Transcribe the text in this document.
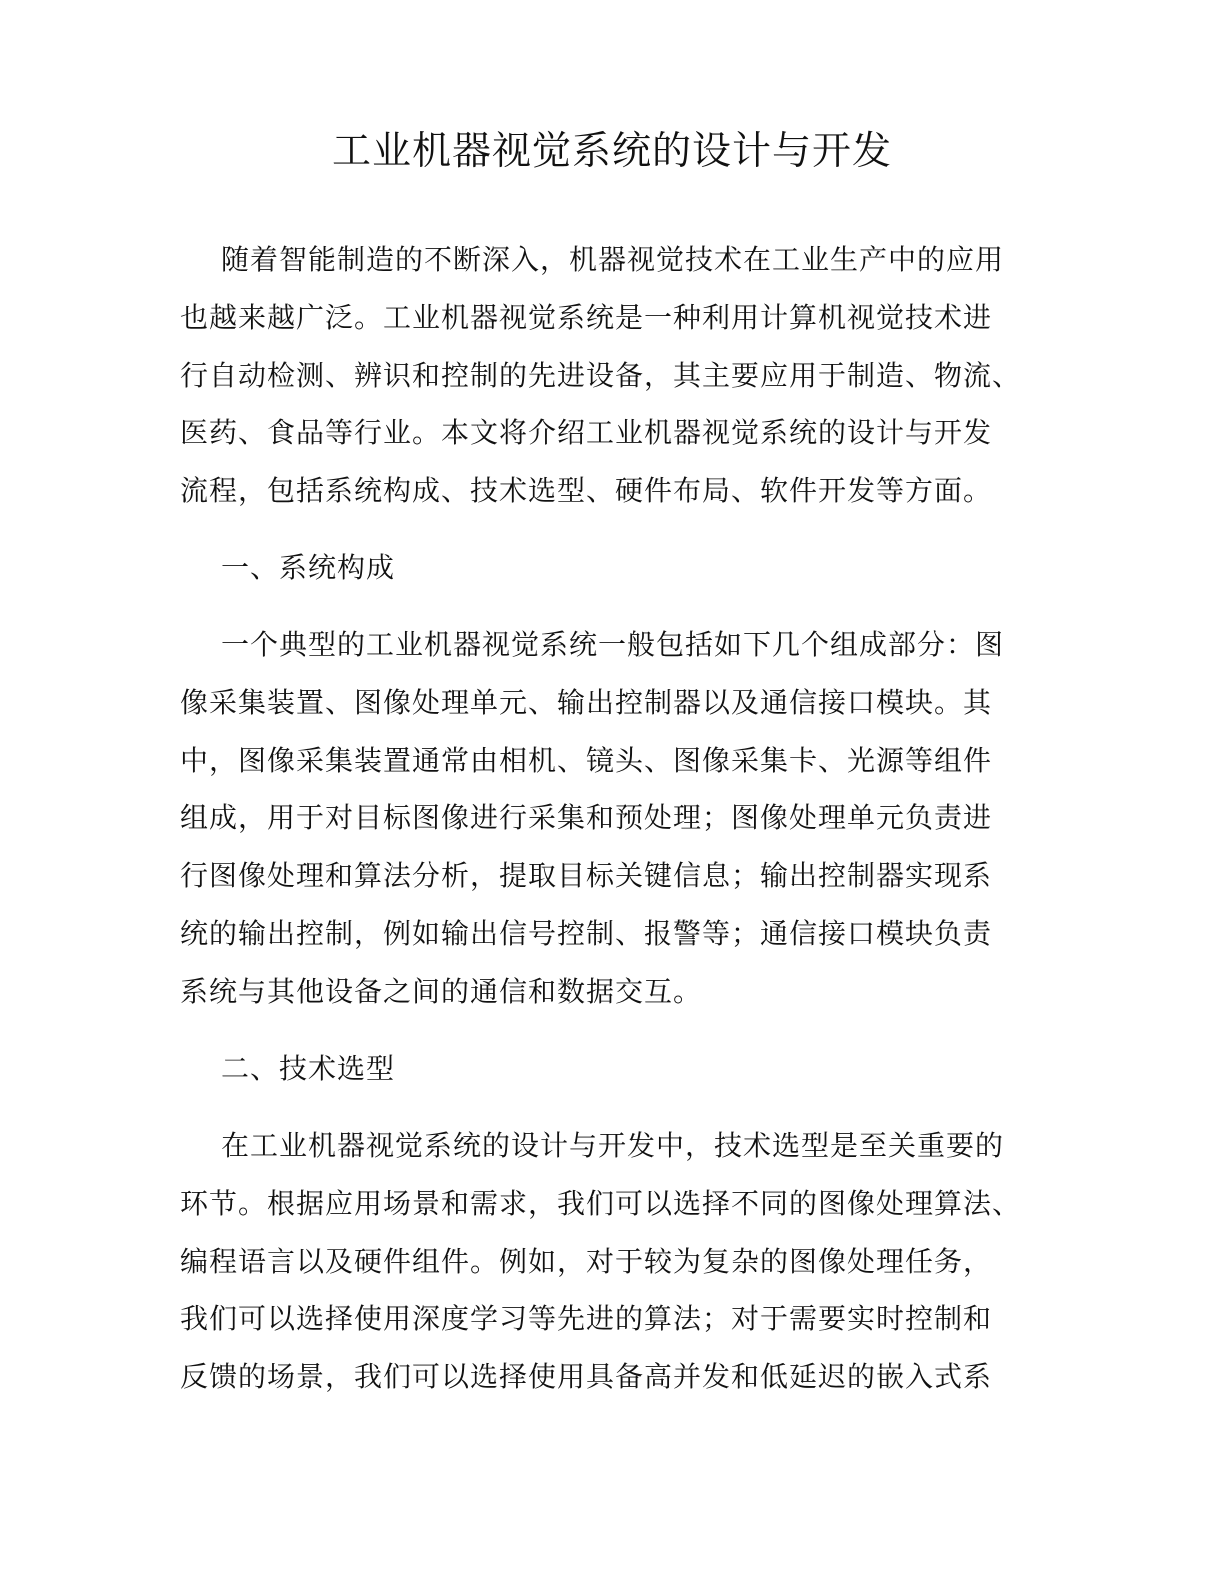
工业机器视觉系统的设计与开发

随着智能制造的不断深入，机器视觉技术在工业生产中的应用

也越来越广泛。工业机器视觉系统是一种利用计算机视觉技术进

行自动检测、辨识和控制的先进设备，其主要应用于制造、物流、

医药、食品等行业。本文将介绍工业机器视觉系统的设计与开发

流程，包括系统构成、技术选型、硬件布局、软件开发等方面。

一、系统构成

一个典型的工业机器视觉系统一般包括如下几个组成部分：图

像采集装置、图像处理单元、输出控制器以及通信接口模块。其

中，图像采集装置通常由相机、镜头、图像采集卡、光源等组件

组成，用于对目标图像进行采集和预处理；图像处理单元负责进

行图像处理和算法分析，提取目标关键信息；输出控制器实现系

统的输出控制，例如输出信号控制、报警等；通信接口模块负责

系统与其他设备之间的通信和数据交互。

二、技术选型

在工业机器视觉系统的设计与开发中，技术选型是至关重要的

环节。根据应用场景和需求，我们可以选择不同的图像处理算法、

编程语言以及硬件组件。例如，对于较为复杂的图像处理任务，

我们可以选择使用深度学习等先进的算法；对于需要实时控制和

反馈的场景，我们可以选择使用具备高并发和低延迟的嵌入式系
